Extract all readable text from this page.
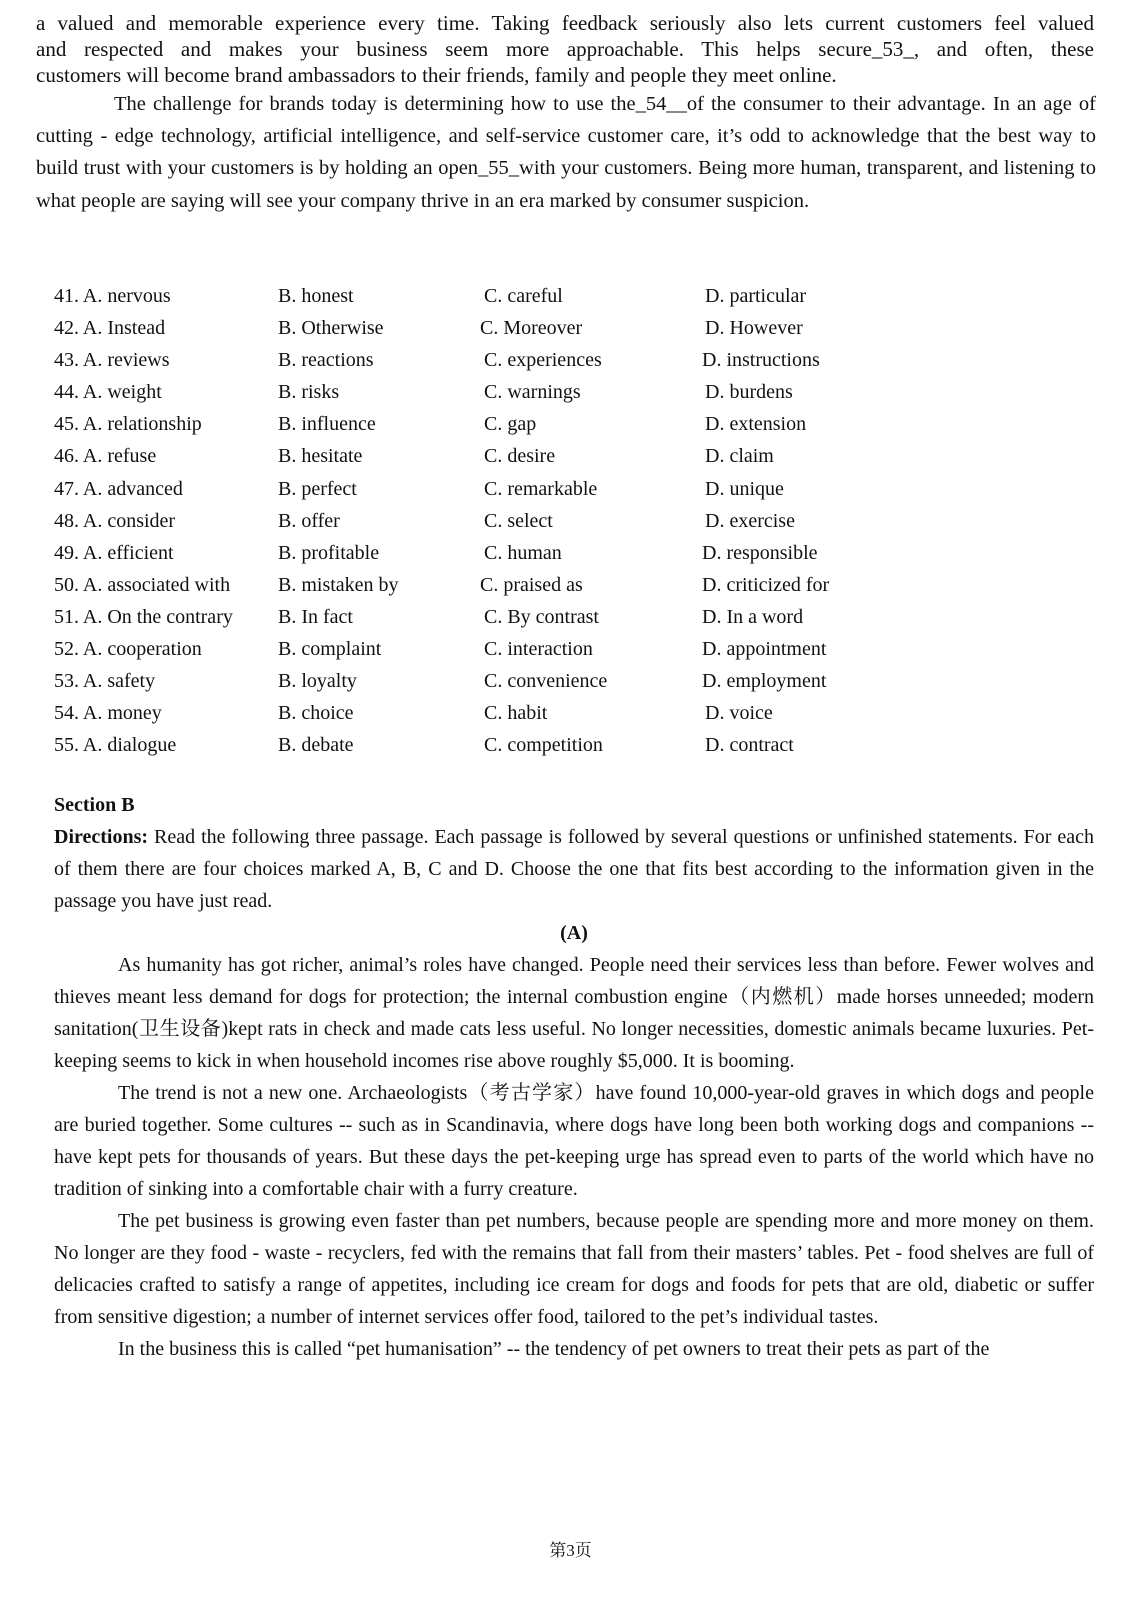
a valued and memorable experience every time. Taking feedback seriously also lets current customers feel valued

and respected and makes your business seem more approachable. This helps secure_53_, and often, these

customers will become brand ambassadors to their friends, family and people they meet online.

The challenge for brands today is determining how to use the_54__of the consumer to their advantage. In an age of cutting - edge technology, artificial intelligence, and self-service customer care, it’s odd to acknowledge that the best way to build trust with your customers is by holding an open_55_with your customers. Being more human, transparent, and listening to what people are saying will see your company thrive in an era marked by consumer suspicion.

41. A. nervous	B. honest	C. careful	D. particular
42. A. Instead	B. Otherwise	C. Moreover	D. However
43. A. reviews	B. reactions	C. experiences	D. instructions
44. A. weight	B. risks	C. warnings	D. burdens
45. A. relationship	B. influence	C. gap	D. extension
46. A. refuse	B. hesitate	C. desire	D. claim
47. A. advanced	B. perfect	C. remarkable	D. unique
48. A. consider	B. offer	C. select	D. exercise
49. A. efficient	B. profitable	C. human	D. responsible
50. A. associated with B. mistaken by	C. praised as	D. criticized for
51. A. On the contrary B. In fact	C. By contrast	D. In a word
52. A. cooperation	B. complaint	C. interaction	D. appointment
53. A. safety	B. loyalty	C. convenience	D. employment
54. A. money	B. choice	C. habit	D. voice
55. A. dialogue	B. debate	C. competition	D. contract

Section B

Directions: Read the following three passage. Each passage is followed by several questions or unfinished statements. For each of them there are four choices marked A, B, C and D. Choose the one that fits best according to the information given in the passage you have just read.

(A)

As humanity has got richer, animal’s roles have changed. People need their services less than before. Fewer wolves and thieves meant less demand for dogs for protection; the internal combustion engine（内燃机）made horses unneeded; modern sanitation(卫生设备)kept rats in check and made cats less useful. No longer necessities, domestic animals became luxuries. Pet-keeping seems to kick in when household incomes rise above roughly $5,000. It is booming.

The trend is not a new one. Archaeologists（考古学家）have found 10,000-year-old graves in which dogs and people are buried together. Some cultures -- such as in Scandinavia, where dogs have long been both working dogs and companions -- have kept pets for thousands of years. But these days the pet-keeping urge has spread even to parts of the world which have no tradition of sinking into a comfortable chair with a furry creature.

The pet business is growing even faster than pet numbers, because people are spending more and more money on them. No longer are they food - waste - recyclers, fed with the remains that fall from their masters’ tables. Pet - food shelves are full of delicacies crafted to satisfy a range of appetites, including ice cream for dogs and foods for pets that are old, diabetic or suffer from sensitive digestion; a number of internet services offer food, tailored to the pet’s individual tastes.

In the business this is called “pet humanisation” -- the tendency of pet owners to treat their pets as part of the

第3页
